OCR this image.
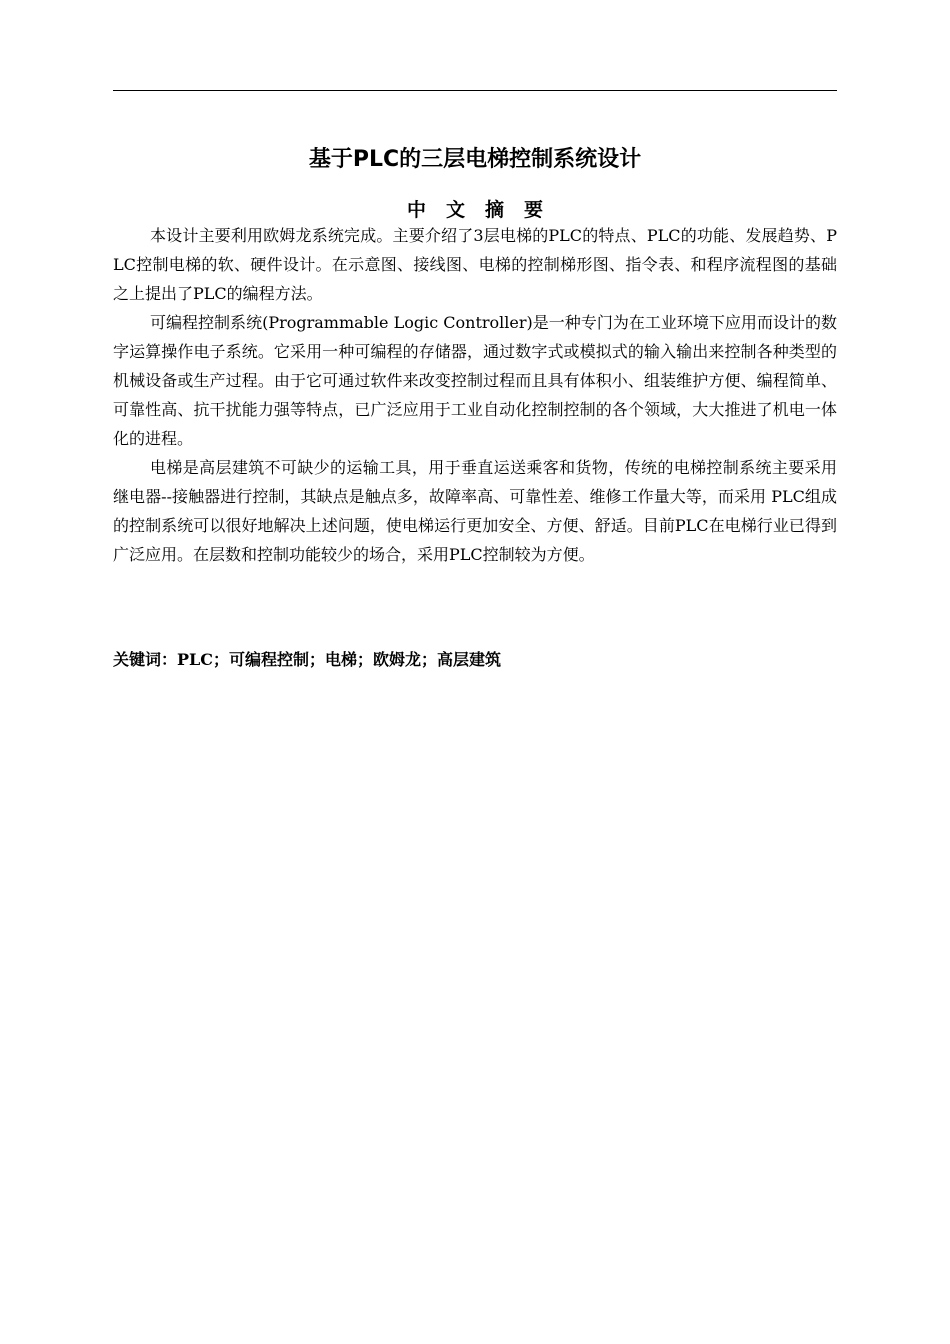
基于PLC的三层电梯控制系统设计
中文摘要

本设计主要利用欧姆龙系统完成。主要介绍了3层电梯的PLC的特点、PLC的功能、发展趋势、PLC控制电梯的软、硬件设计。在示意图、接线图、电梯的控制梯形图、指令表、和程序流程图的基础之上提出了PLC的编程方法。

可编程控制系统(Programmable Logic Controller)是一种专门为在工业环境下应用而设计的数字运算操作电子系统。它采用一种可编程的存储器，通过数字式或模拟式的输入输出来控制各种类型的机械设备或生产过程。由于它可通过软件来改变控制过程而且具有体积小、组装维护方便、编程简单、可靠性高、抗干扰能力强等特点，已广泛应用于工业自动化控制控制的各个领域，大大推进了机电一体化的进程。

电梯是高层建筑不可缺少的运输工具，用于垂直运送乘客和货物，传统的电梯控制系统主要采用继电器--接触器进行控制，其缺点是触点多，故障率高、可靠性差、维修工作量大等，而采用 PLC组成的控制系统可以很好地解决上述问题，使电梯运行更加安全、方便、舒适。目前PLC在电梯行业已得到广泛应用。在层数和控制功能较少的场合，采用PLC控制较为方便。

关键词：PLC；可编程控制；电梯；欧姆龙；高层建筑
